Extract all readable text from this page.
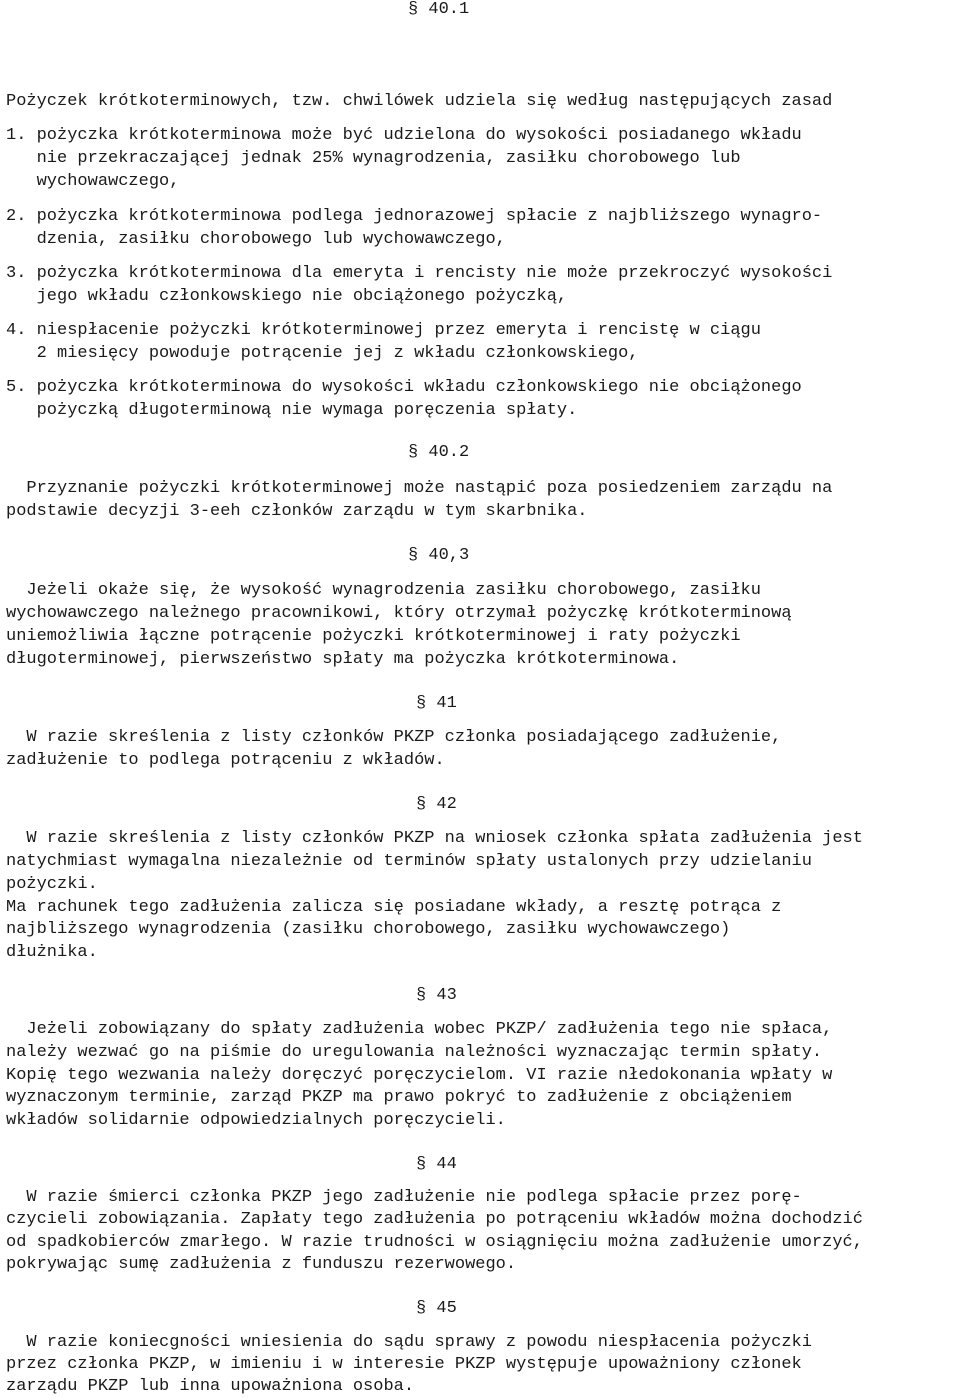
§ 40.1
Pożyczek krótkoterminowych, tzw. chwilówek udziela się według następujących zasad
1. pożyczka krótkoterminowa może być udzielona do wysokości posiadanego wkładu
nie przekraczającej jednak 25% wynagrodzenia, zasiłku chorobowego lub
wychowawczego,
2. pożyczka krótkoterminowa podlega jednorazowej spłacie z najbliższego wynagro-
dzenia, zasiłku chorobowego lub wychowawczego,
3. pożyczka krótkoterminowa dla emeryta i rencisty nie może przekroczyć wysokości
jego wkładu członkowskiego nie obciążonego pożyczką,
4. niespłacenie pożyczki krótkoterminowej przez emeryta i rencistę w ciągu
2 miesięcy powoduje potrącenie jej z wkładu członkowskiego,
5. pożyczka krótkoterminowa do wysokości wkładu członkowskiego nie obciążonego
pożyczką długoterminową nie wymaga poręczenia spłaty.
§ 40.2
Przyznanie pożyczki krótkoterminowej może nastąpić poza posiedzeniem zarządu na
podstawie decyzji 3-eeh członków zarządu w tym skarbnika.
§ 40,3
Jeżeli okaże się, że wysokość wynagrodzenia zasiłku chorobowego, zasiłku
wychowawczego należnego pracownikowi, który otrzymał pożyczkę krótkoterminową
uniemożliwia łączne potrącenie pożyczki krótkoterminowej i raty pożyczki
długoterminowej, pierwszeństwo spłaty ma pożyczka krótkoterminowa.
§ 41
W razie skreślenia z listy członków PKZP członka posiadającego zadłużenie,
zadłużenie to podlega potrąceniu z wkładów.
§ 42
W razie skreślenia z listy członków PKZP na wniosek członka spłata zadłużenia jest
natychmiast wymagalna niezależnie od terminów spłaty ustalonych przy udzielaniu
pożyczki.
Ma rachunek tego zadłużenia zalicza się posiadane wkłady, a resztę potrąca z
najbliższego wynagrodzenia (zasiłku chorobowego, zasiłku wychowawczego)
dłużnika.
§ 43
Jeżeli zobowiązany do spłaty zadłużenia wobec PKZP/ zadłużenia tego nie spłaca,
należy wezwać go na piśmie do uregulowania należności wyznaczając termin spłaty.
Kopię tego wezwania należy doręczyć poręczycielom. VI razie nłedokonania wpłaty w
wyznaczonym terminie, zarząd PKZP ma prawo pokryć to zadłużenie z obciążeniem
wkładów solidarnie odpowiedzialnych poręczycieli.
§ 44
W razie śmierci członka PKZP jego zadłużenie nie podlega spłacie przez porę-
czycieli zobowiązania. Zapłaty tego zadłużenia po potrąceniu wkładów można dochodzić
od spadkobierców zmarłego. W razie trudności w osiągnięciu można zadłużenie umorzyć,
pokrywając sumę zadłużenia z funduszu rezerwowego.
§ 45
W razie koniecgności wniesienia do sądu sprawy z powodu niespłacenia pożyczki
przez członka PKZP, w imieniu i w interesie PKZP występuje upoważniony członek
zarządu PKZP lub inna upoważniona osoba.
